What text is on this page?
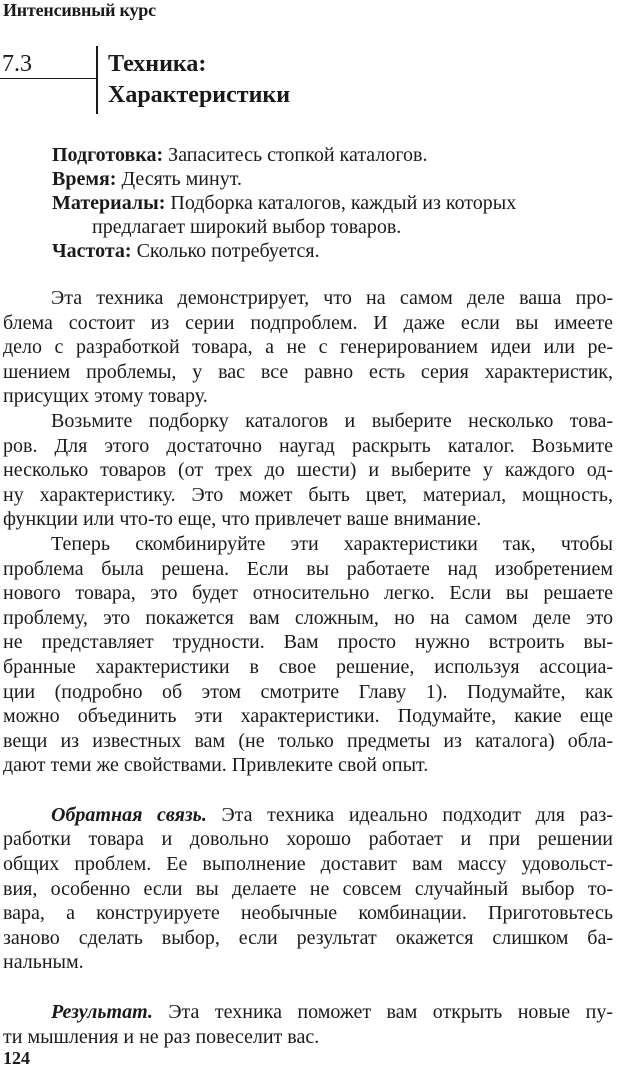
Интенсивный курс
7.3	Техника:
Характеристики
Подготовка: Запаситесь стопкой каталогов.
Время: Десять минут.
Материалы: Подборка каталогов, каждый из которых
предлагает широкий выбор товаров.
Частота: Сколько потребуется.
Эта техника демонстрирует, что на самом деле ваша про-
блема состоит из серии подпроблем. И даже если вы имеете
дело с разработкой товара, а не с генерированием идеи или ре-
шением проблемы, у вас все равно есть серия характеристик,
присущих этому товару.
Возьмите подборку каталогов и выберите несколько това-
ров. Для этого достаточно наугад раскрыть каталог. Возьмите
несколько товаров (от трех до шести) и выберите у каждого од-
ну характеристику. Это может быть цвет, материал, мощность,
функции или что-то еще, что привлечет ваше внимание.
Теперь скомбинируйте эти характеристики так, чтобы
проблема была решена. Если вы работаете над изобретением
нового товара, это будет относительно легко. Если вы решаете
проблему, это покажется вам сложным, но на самом деле это
не представляет трудности. Вам просто нужно встроить вы-
бранные характеристики в свое решение, используя ассоциа-
ции (подробно об этом смотрите Главу 1). Подумайте, как
можно объединить эти характеристики. Подумайте, какие еще
вещи из известных вам (не только предметы из каталога) обла-
дают теми же свойствами. Привлеките свой опыт.
Обратная связь. Эта техника идеально подходит для раз-
работки товара и довольно хорошо работает и при решении
общих проблем. Ее выполнение доставит вам массу удовольст-
вия, особенно если вы делаете не совсем случайный выбор то-
вара, а конструируете необычные комбинации. Приготовьтесь
заново сделать выбор, если результат окажется слишком ба-
нальным.
Результат. Эта техника поможет вам открыть новые пу-
ти мышления и не раз повеселит вас.
124
